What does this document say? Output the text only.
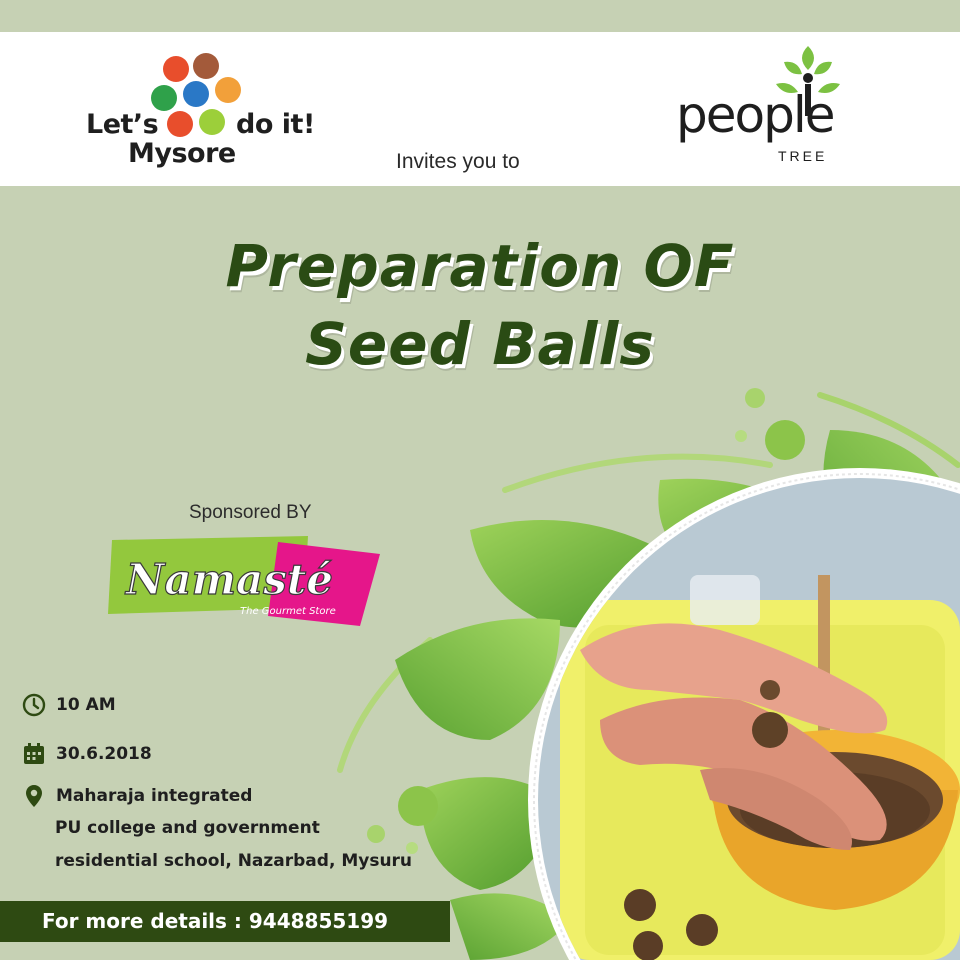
Let’s	do it!
Mysore	Invites you to
people
TREE
Preparation OF
Seed Balls
Sponsored BY
Namasté
The Gourmet Store
10 AM
30.6.2018
Maharaja integrated
PU college and government
residential school, Nazarbad, Mysuru
For more details : 9448855199
